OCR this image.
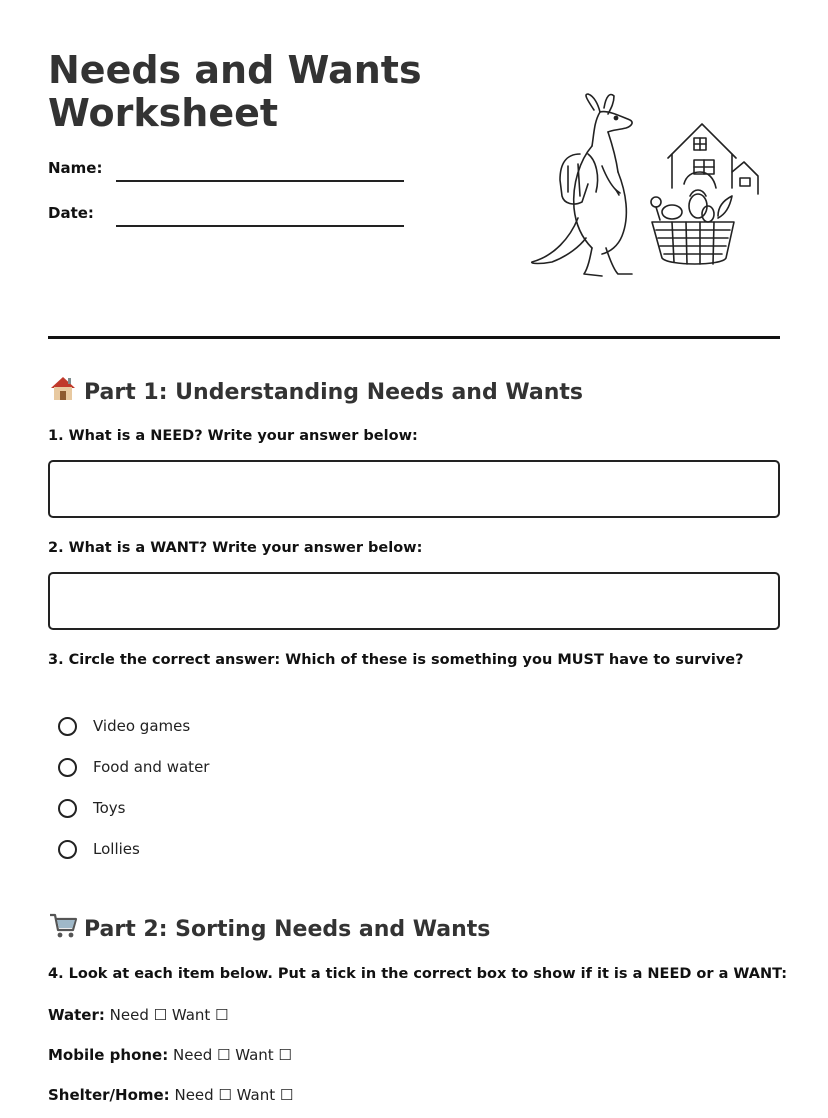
Needs and Wants
Worksheet
Name:
Date:
Part 1: Understanding Needs and Wants
1. What is a NEED? Write your answer below:
2. What is a WANT? Write your answer below:
3. Circle the correct answer: Which of these is something you MUST have to survive?
Video games
Food and water
Toys
Lollies
Part 2: Sorting Needs and Wants
4. Look at each item below. Put a tick in the correct box to show if it is a NEED or a WANT:
Water: Need ☐ Want ☐
Mobile phone: Need ☐ Want ☐
Shelter/Home: Need ☐ Want ☐
